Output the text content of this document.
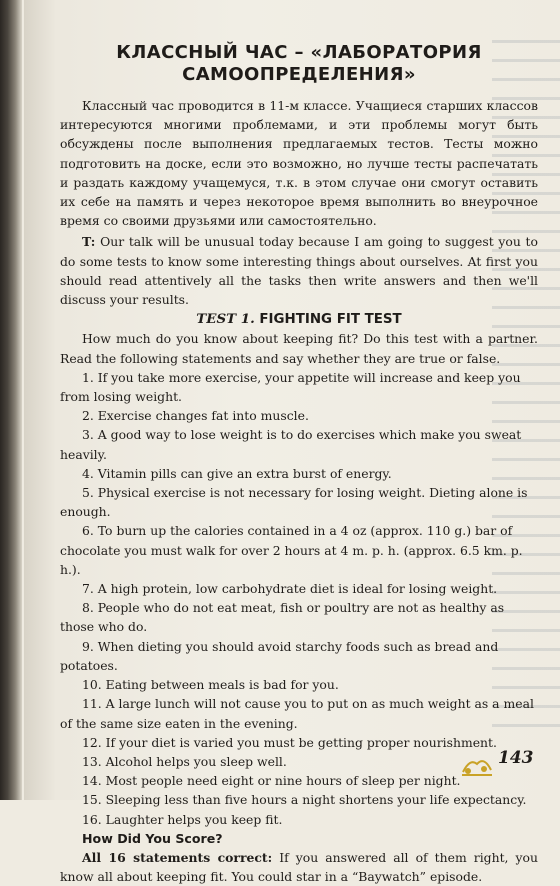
КЛАССНЫЙ ЧАС – «ЛАБОРАТОРИЯ САМООПРЕДЕЛЕНИЯ»

Классный час проводится в 11-м классе. Учащиеся старших классов интересуются многими проблемами, и эти проблемы могут быть обсуждены после выполнения предлагаемых тестов. Тесты можно подготовить на доске, если это возможно, но лучше тесты распечатать и раздать каждому учащемуся, т.к. в этом случае они смогут оставить их себе на память и через некоторое время выполнить во внеурочное время со своими друзьями или самостоятельно.

T: Our talk will be unusual today because I am going to suggest you to do some tests to know some interesting things about ourselves. At first you should read attentively all the tasks then write answers and then we'll discuss your results.

TEST 1. FIGHTING FIT TEST

How much do you know about keeping fit? Do this test with a partner. Read the following statements and say whether they are true or false.

1. If you take more exercise, your appetite will increase and keep you from losing weight.

2. Exercise changes fat into muscle.

3. A good way to lose weight is to do exercises which make you sweat heavily.

4. Vitamin pills can give an extra burst of energy.

5. Physical exercise is not necessary for losing weight. Dieting alone is enough.

6. To burn up the calories contained in a 4 oz (approx. 110 g.) bar of chocolate you must walk for over 2 hours at 4 m. p. h. (approx. 6.5 km. p. h.).

7. A high protein, low carbohydrate diet is ideal for losing weight.

8. People who do not eat meat, fish or poultry are not as healthy as those who do.

9. When dieting you should avoid starchy foods such as bread and potatoes.

10. Eating between meals is bad for you.

11. A large lunch will not cause you to put on as much weight as a meal of the same size eaten in the evening.

12. If your diet is varied you must be getting proper nourishment.

13. Alcohol helps you sleep well.

14. Most people need eight or nine hours of sleep per night.

15. Sleeping less than five hours a night shortens your life expectancy.

16. Laughter helps you keep fit.

How Did You Score?

All 16 statements correct: If you answered all of them right, you know all about keeping fit. You could star in a “Baywatch” episode.

143
